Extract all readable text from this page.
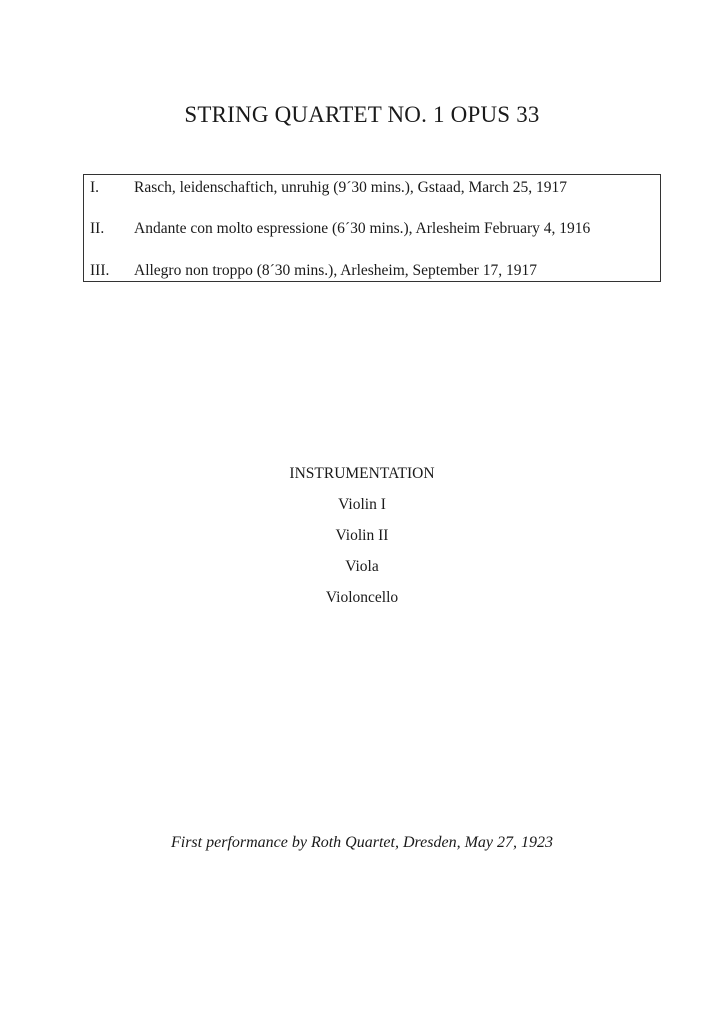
STRING QUARTET NO. 1 OPUS 33
I. Rasch, leidenschaftich, unruhig (9´30 mins.), Gstaad, March 25, 1917
II. Andante con molto espressione (6´30 mins.), Arlesheim February 4, 1916
III. Allegro non troppo (8´30 mins.), Arlesheim, September 17, 1917
INSTRUMENTATION
Violin I
Violin II
Viola
Violoncello
First performance by Roth Quartet, Dresden, May 27, 1923
